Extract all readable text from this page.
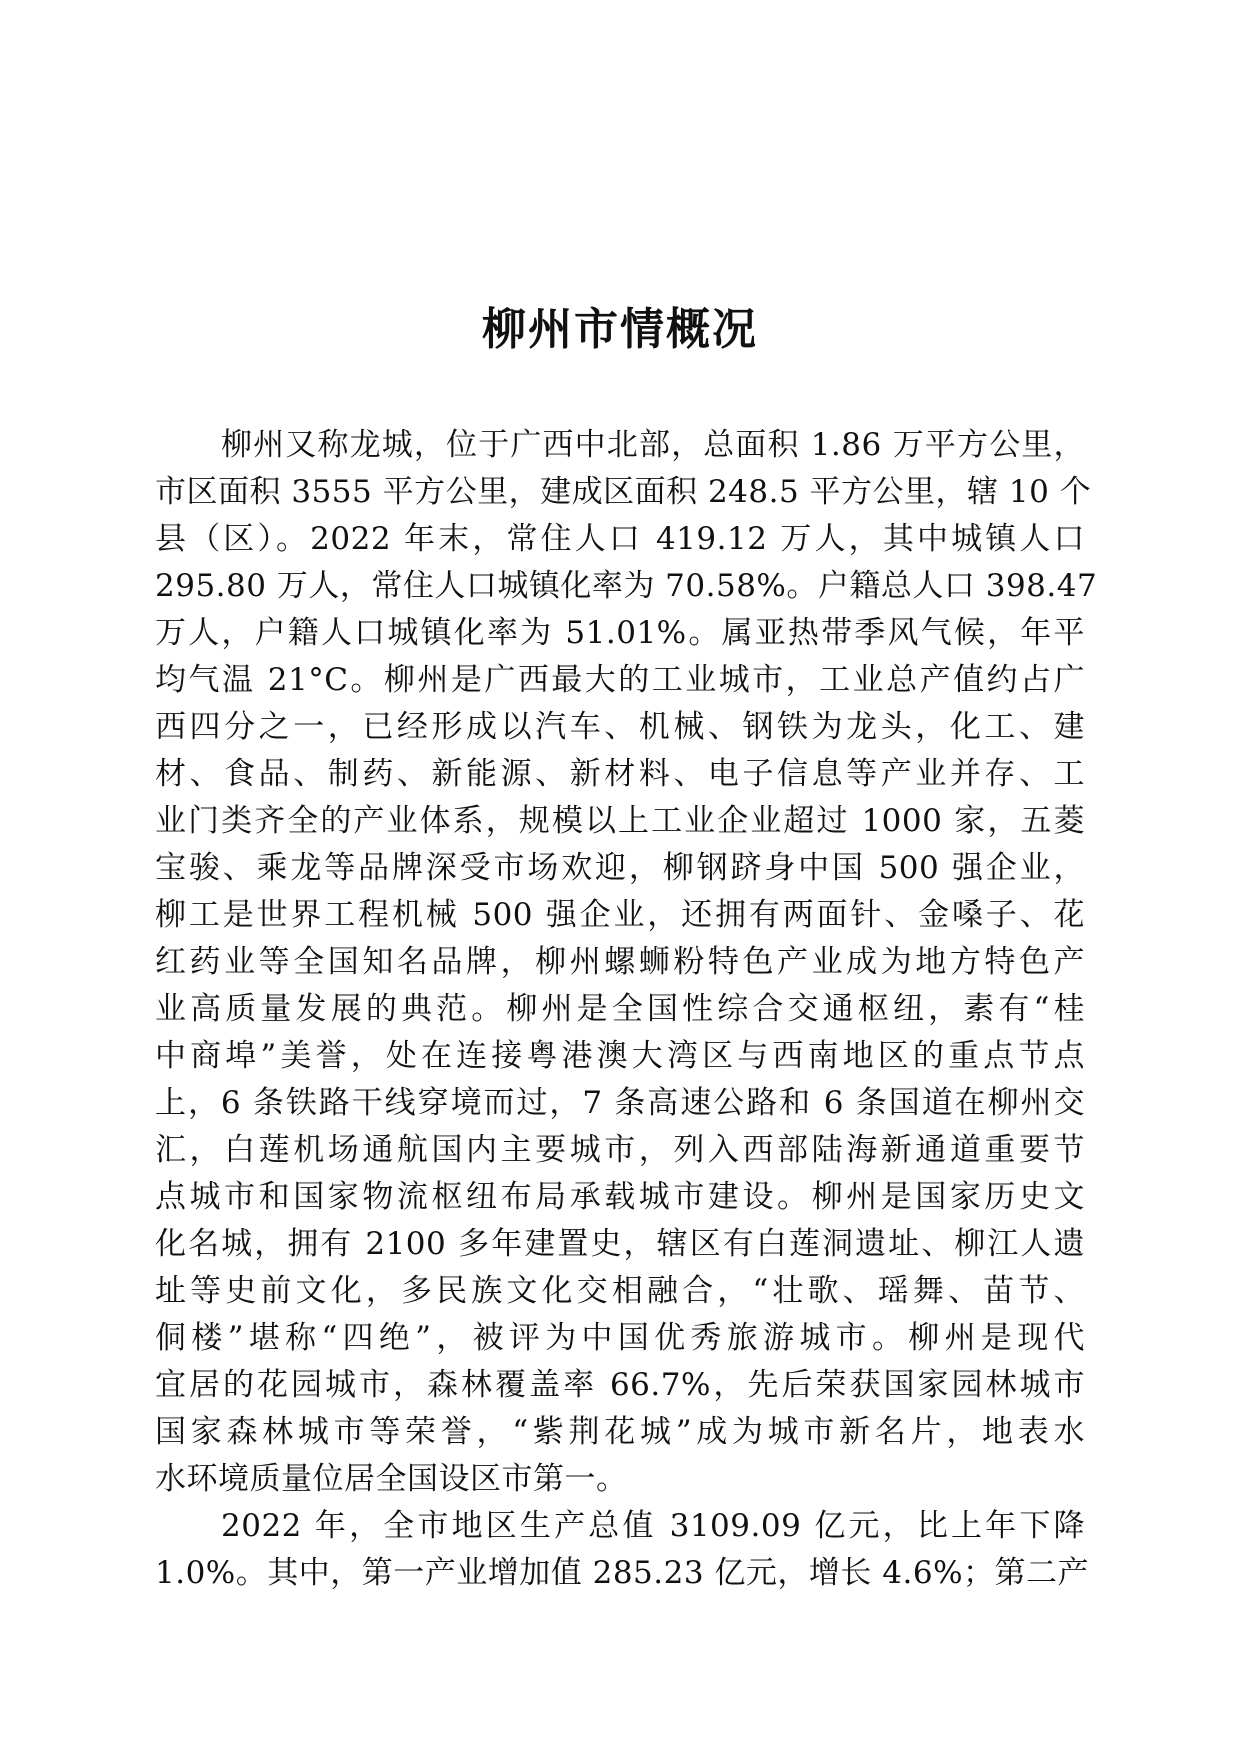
柳州市情概况
柳州又称龙城，位于广西中北部，总面积 1.86 万平方公里，
市区面积 3555 平方公里，建成区面积 248.5 平方公里，辖 10 个
县（区）。2022 年末，常住人口 419.12 万人，其中城镇人口
295.80 万人，常住人口城镇化率为 70.58%。户籍总人口 398.47
万人，户籍人口城镇化率为 51.01%。属亚热带季风气候，年平
均气温 21°C。柳州是广西最大的工业城市，工业总产值约占广
西四分之一，已经形成以汽车、机械、钢铁为龙头，化工、建
材、食品、制药、新能源、新材料、电子信息等产业并存、工
业门类齐全的产业体系，规模以上工业企业超过 1000 家，五菱
宝骏、乘龙等品牌深受市场欢迎，柳钢跻身中国 500 强企业，
柳工是世界工程机械 500 强企业，还拥有两面针、金嗓子、花
红药业等全国知名品牌，柳州螺蛳粉特色产业成为地方特色产
业高质量发展的典范。柳州是全国性综合交通枢纽，素有“桂
中商埠”美誉，处在连接粤港澳大湾区与西南地区的重点节点
上，6 条铁路干线穿境而过，7 条高速公路和 6 条国道在柳州交
汇，白莲机场通航国内主要城市，列入西部陆海新通道重要节
点城市和国家物流枢纽布局承载城市建设。柳州是国家历史文
化名城，拥有 2100 多年建置史，辖区有白莲洞遗址、柳江人遗
址等史前文化，多民族文化交相融合，“壮歌、瑶舞、苗节、
侗楼”堪称“四绝”，被评为中国优秀旅游城市。柳州是现代
宜居的花园城市，森林覆盖率 66.7%，先后荣获国家园林城市
国家森林城市等荣誉，“紫荆花城”成为城市新名片，地表水
水环境质量位居全国设区市第一。
2022 年，全市地区生产总值 3109.09 亿元，比上年下降
1.0%。其中，第一产业增加值 285.23 亿元，增长 4.6%；第二产
